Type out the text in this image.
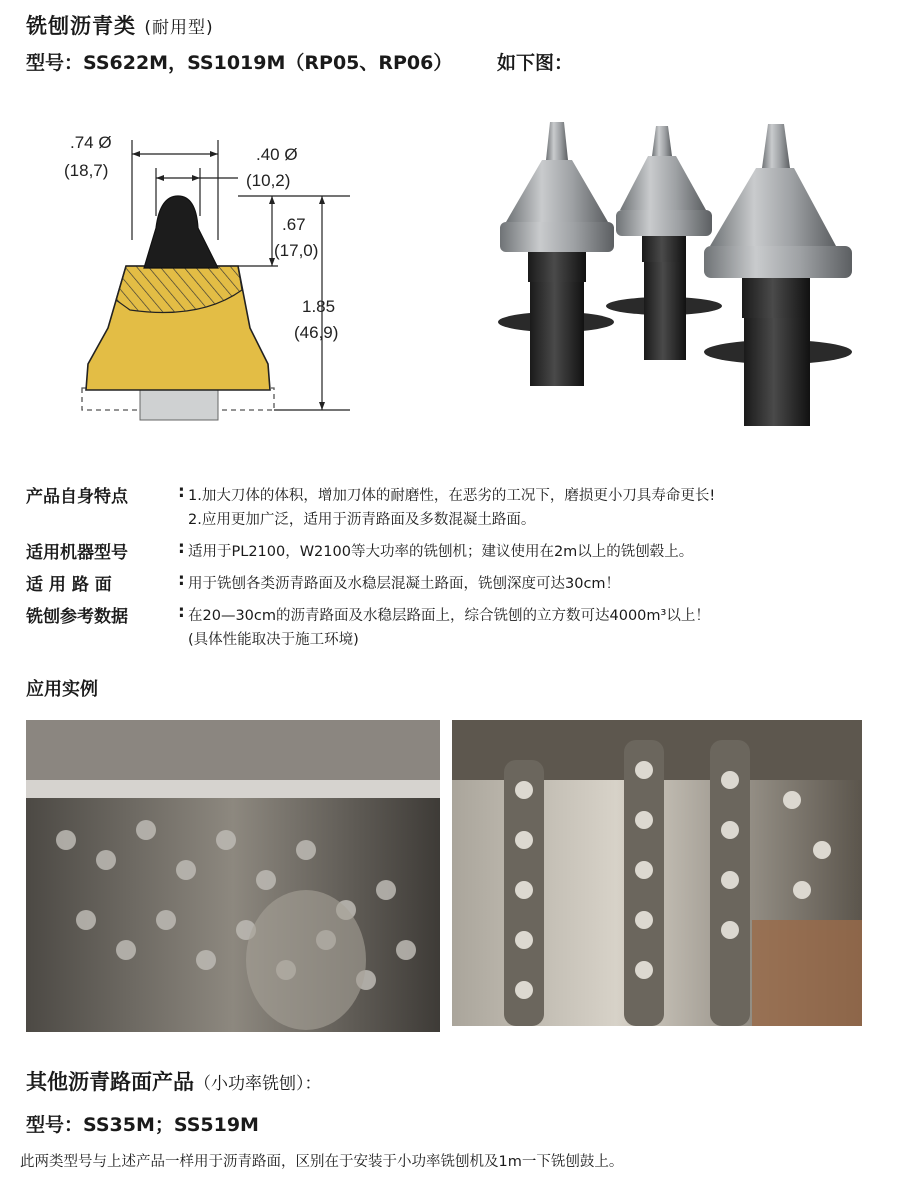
铣刨沥青类 (耐用型)
型号：SS622M，SS1019M（RP05、RP06） 如下图：
.74 Ø
(18,7)
.40 Ø
(10,2)
.67
(17,0)
1.85
(46,9)
产品自身特点	: 1.加大刀体的体积，增加刀体的耐磨性，在恶劣的工况下，磨损更小刀具寿命更长!
2.应用更加广泛，适用于沥青路面及多数混凝土路面。
适用机器型号	: 适用于PL2100，W2100等大功率的铣刨机；建议使用在2m以上的铣刨毂上。
适 用 路 面	: 用于铣刨各类沥青路面及水稳层混凝土路面，铣刨深度可达30cm！
铣刨参考数据	: 在20—30cm的沥青路面及水稳层路面上，综合铣刨的立方数可达4000m³以上！
(具体性能取决于施工环境)
应用实例
其他沥青路面产品（小功率铣刨）：
型号：SS35M；SS519M
此两类型号与上述产品一样用于沥青路面，区别在于安装于小功率铣刨机及1m一下铣刨鼓上。
